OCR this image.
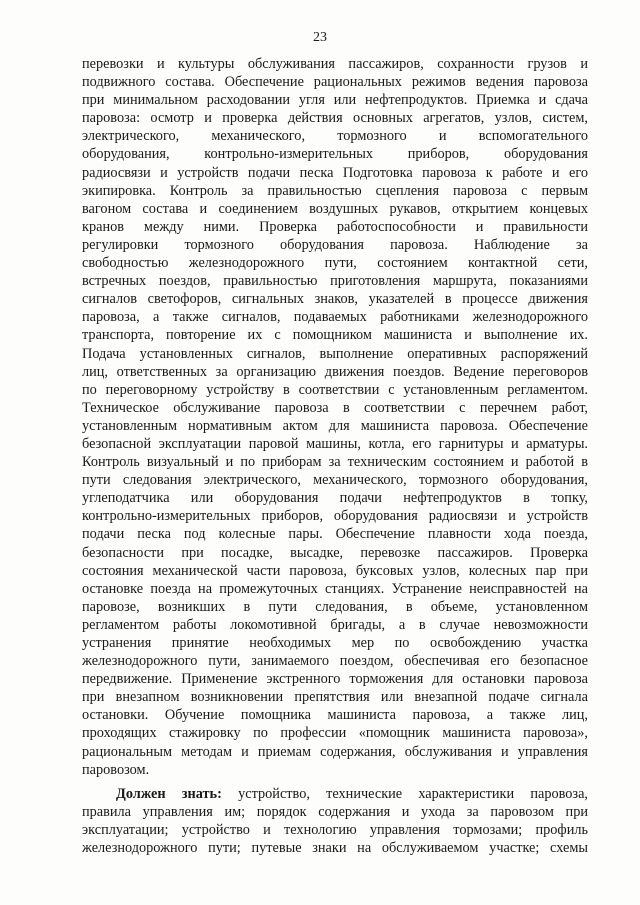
23
перевозки и культуры обслуживания пассажиров, сохранности грузов и
подвижного состава. Обеспечение рациональных режимов ведения паровоза
при минимальном расходовании угля или нефтепродуктов. Приемка и сдача
паровоза: осмотр и проверка действия основных агрегатов, узлов, систем,
электрического, механического, тормозного и вспомогательного
оборудования, контрольно-измерительных приборов, оборудования
радиосвязи и устройств подачи песка Подготовка паровоза к работе и его
экипировка. Контроль за правильностью сцепления паровоза с первым
вагоном состава и соединением воздушных рукавов, открытием концевых
кранов между ними. Проверка работоспособности и правильности
регулировки тормозного оборудования паровоза. Наблюдение за
свободностью железнодорожного пути, состоянием контактной сети,
встречных поездов, правильностью приготовления маршрута, показаниями
сигналов светофоров, сигнальных знаков, указателей в процессе движения
паровоза, а также сигналов, подаваемых работниками железнодорожного
транспорта, повторение их с помощником машиниста и выполнение их.
Подача установленных сигналов, выполнение оперативных распоряжений
лиц, ответственных за организацию движения поездов. Ведение переговоров
по переговорному устройству в соответствии с установленным регламентом.
Техническое обслуживание паровоза в соответствии с перечнем работ,
установленным нормативным актом для машиниста паровоза. Обеспечение
безопасной эксплуатации паровой машины, котла, его гарнитуры и арматуры.
Контроль визуальный и по приборам за техническим состоянием и работой в
пути следования электрического, механического, тормозного оборудования,
углеподатчика или оборудования подачи нефтепродуктов в топку,
контрольно-измерительных приборов, оборудования радиосвязи и устройств
подачи песка под колесные пары. Обеспечение плавности хода поезда,
безопасности при посадке, высадке, перевозке пассажиров. Проверка
состояния механической части паровоза, буксовых узлов, колесных пар при
остановке поезда на промежуточных станциях. Устранение неисправностей на
паровозе, возникших в пути следования, в объеме, установленном
регламентом работы локомотивной бригады, а в случае невозможности
устранения принятие необходимых мер по освобождению участка
железнодорожного пути, занимаемого поездом, обеспечивая его безопасное
передвижение. Применение экстренного торможения для остановки паровоза
при внезапном возникновении препятствия или внезапной подаче сигнала
остановки. Обучение помощника машиниста паровоза, а также лиц,
проходящих стажировку по профессии «помощник машиниста паровоза»,
рациональным методам и приемам содержания, обслуживания и управления
паровозом.
Должен знать: устройство, технические характеристики паровоза,
правила управления им; порядок содержания и ухода за паровозом при
эксплуатации; устройство и технологию управления тормозами; профиль
железнодорожного пути; путевые знаки на обслуживаемом участке; схемы
